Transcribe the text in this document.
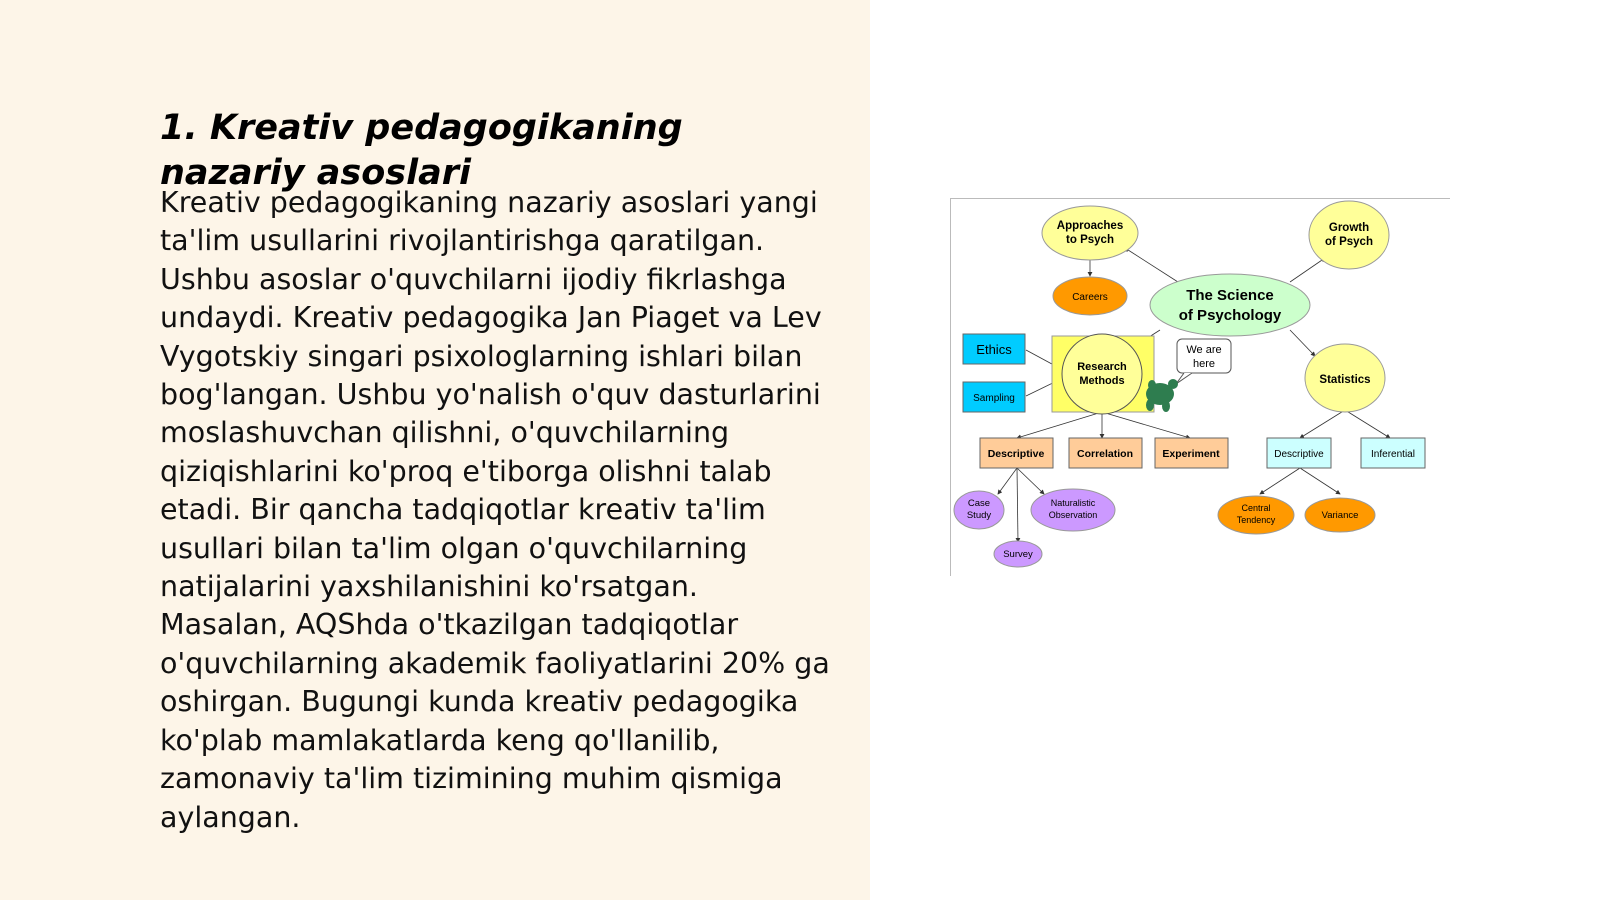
1. Kreativ pedagogikaning nazariy asoslari

Kreativ pedagogikaning nazariy asoslari yangi ta'lim usullarini rivojlantirishga qaratilgan. Ushbu asoslar o'quvchilarni ijodiy fikrlashga undaydi. Kreativ pedagogika Jan Piaget va Lev Vygotskiy singari psixologlarning ishlari bilan bog'langan. Ushbu yo'nalish o'quv dasturlarini moslashuvchan qilishni, o'quvchilarning qiziqishlarini ko'proq e'tiborga olishni talab etadi. Bir qancha tadqiqotlar kreativ ta'lim usullari bilan ta'lim olgan o'quvchilarning natijalarini yaxshilanishini ko'rsatgan. Masalan, AQShda o'tkazilgan tadqiqotlar o'quvchilarning akademik faoliyatlarini 20% ga oshirgan. Bugungi kunda kreativ pedagogika ko'plab mamlakatlarda keng qo'llanilib, zamonaviy ta'lim tizimining muhim qismiga aylangan.

Approaches
to Psych
Growth
of Psych
Careers	The Science
of Psychology
Ethics
Sampling
Research
Methods
We are
here
Statistics
Descriptive	Correlation	Experiment	Descriptive	Inferential
Case
Study
Naturalistic
Observation
Survey
Central
Tendency	Variance
